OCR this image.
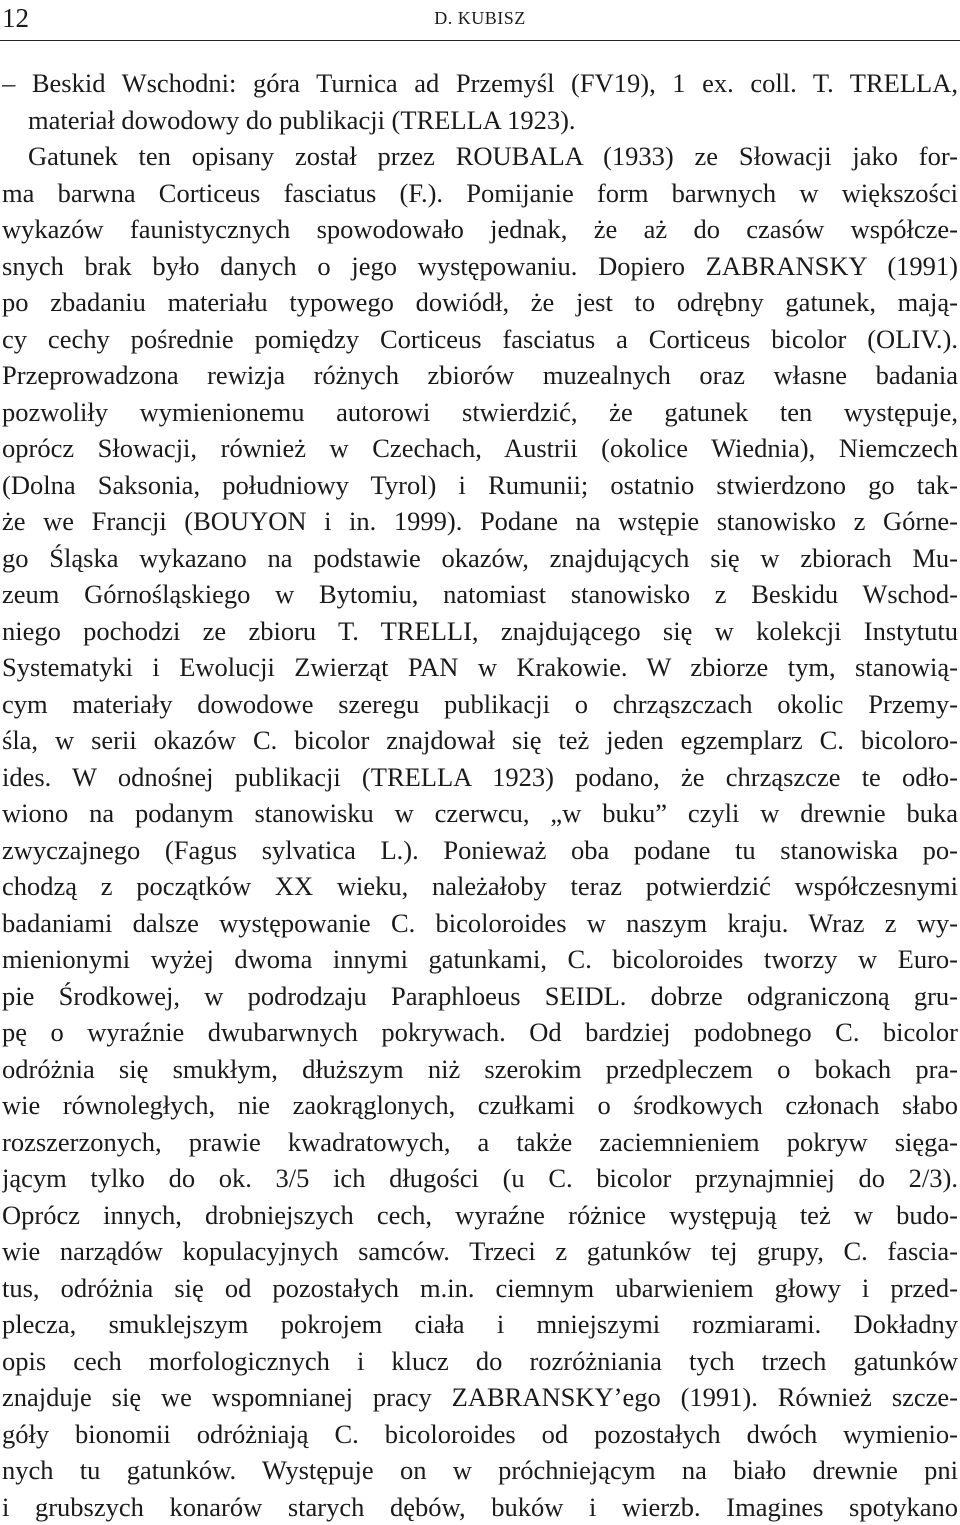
12	D. KUBISZ
– Beskid Wschodni: góra Turnica ad Przemyśl (FV19), 1 ex. coll. T. TRELLA,
materiał dowodowy do publikacji (TRELLA 1923).
Gatunek ten opisany został przez ROUBALA (1933) ze Słowacji jako for-
ma barwna Corticeus fasciatus (F.). Pomijanie form barwnych w większości
wykazów faunistycznych spowodowało jednak, że aż do czasów współcze-
snych brak było danych o jego występowaniu. Dopiero ZABRANSKY (1991)
po zbadaniu materiału typowego dowiódł, że jest to odrębny gatunek, mają-
cy cechy pośrednie pomiędzy Corticeus fasciatus a Corticeus bicolor (OLIV.).
Przeprowadzona rewizja różnych zbiorów muzealnych oraz własne badania
pozwoliły wymienionemu autorowi stwierdzić, że gatunek ten występuje,
oprócz Słowacji, również w Czechach, Austrii (okolice Wiednia), Niemczech
(Dolna Saksonia, południowy Tyrol) i Rumunii; ostatnio stwierdzono go tak-
że we Francji (BOUYON i in. 1999). Podane na wstępie stanowisko z Górne-
go Śląska wykazano na podstawie okazów, znajdujących się w zbiorach Mu-
zeum Górnośląskiego w Bytomiu, natomiast stanowisko z Beskidu Wschod-
niego pochodzi ze zbioru T. TRELLI, znajdującego się w kolekcji Instytutu
Systematyki i Ewolucji Zwierząt PAN w Krakowie. W zbiorze tym, stanowią-
cym materiały dowodowe szeregu publikacji o chrząszczach okolic Przemy-
śla, w serii okazów C. bicolor znajdował się też jeden egzemplarz C. bicoloro-
ides. W odnośnej publikacji (TRELLA 1923) podano, że chrząszcze te odło-
wiono na podanym stanowisku w czerwcu, „w buku” czyli w drewnie buka
zwyczajnego (Fagus sylvatica L.). Ponieważ oba podane tu stanowiska po-
chodzą z początków XX wieku, należałoby teraz potwierdzić współczesnymi
badaniami dalsze występowanie C. bicoloroides w naszym kraju. Wraz z wy-
mienionymi wyżej dwoma innymi gatunkami, C. bicoloroides tworzy w Euro-
pie Środkowej, w podrodzaju Paraphloeus SEIDL. dobrze odgraniczoną gru-
pę o wyraźnie dwubarwnych pokrywach. Od bardziej podobnego C. bicolor
odróżnia się smukłym, dłuższym niż szerokim przedpleczem o bokach pra-
wie równoległych, nie zaokrąglonych, czułkami o środkowych członach słabo
rozszerzonych, prawie kwadratowych, a także zaciemnieniem pokryw sięga-
jącym tylko do ok. 3/5 ich długości (u C. bicolor przynajmniej do 2/3).
Oprócz innych, drobniejszych cech, wyraźne różnice występują też w budo-
wie narządów kopulacyjnych samców. Trzeci z gatunków tej grupy, C. fascia-
tus, odróżnia się od pozostałych m.in. ciemnym ubarwieniem głowy i przed-
plecza, smuklejszym pokrojem ciała i mniejszymi rozmiarami. Dokładny
opis cech morfologicznych i klucz do rozróżniania tych trzech gatunków
znajduje się we wspomnianej pracy ZABRANSKY’ego (1991). Również szcze-
góły bionomii odróżniają C. bicoloroides od pozostałych dwóch wymienio-
nych tu gatunków. Występuje on w próchniejącym na biało drewnie pni
i grubszych konarów starych dębów, buków i wierzb. Imagines spotykano
